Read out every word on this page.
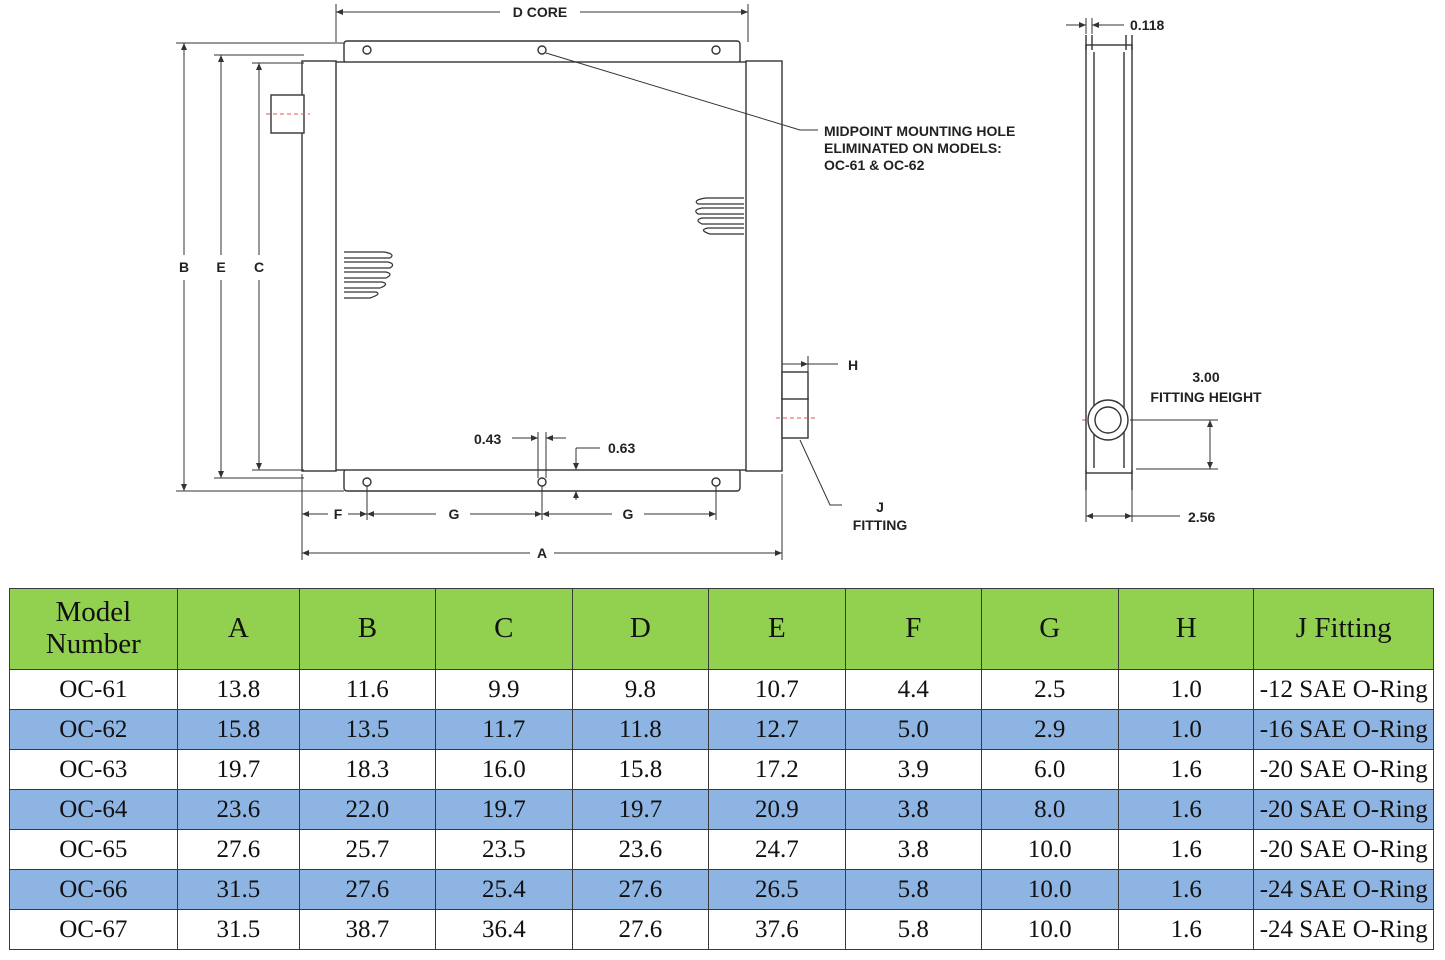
D CORE
B E C
H
A
F	G	G
0.43
0.63
J
FITTING
MIDPOINT MOUNTING HOLE
ELIMINATED ON MODELS:
OC-61 & OC-62
0.118
3.00
FITTING HEIGHT
2.56
Model
Number	A	B	C	D	E	F	G	H	J Fitting
OC-61	13.8	11.6	9.9	9.8	10.7	4.4	2.5	1.0	-12 SAE O-Ring
OC-62	15.8	13.5	11.7	11.8	12.7	5.0	2.9	1.0	-16 SAE O-Ring
OC-63	19.7	18.3	16.0	15.8	17.2	3.9	6.0	1.6	-20 SAE O-Ring
OC-64	23.6	22.0	19.7	19.7	20.9	3.8	8.0	1.6	-20 SAE O-Ring
OC-65	27.6	25.7	23.5	23.6	24.7	3.8	10.0	1.6	-20 SAE O-Ring
OC-66	31.5	27.6	25.4	27.6	26.5	5.8	10.0	1.6	-24 SAE O-Ring
OC-67	31.5	38.7	36.4	27.6	37.6	5.8	10.0	1.6	-24 SAE O-Ring
